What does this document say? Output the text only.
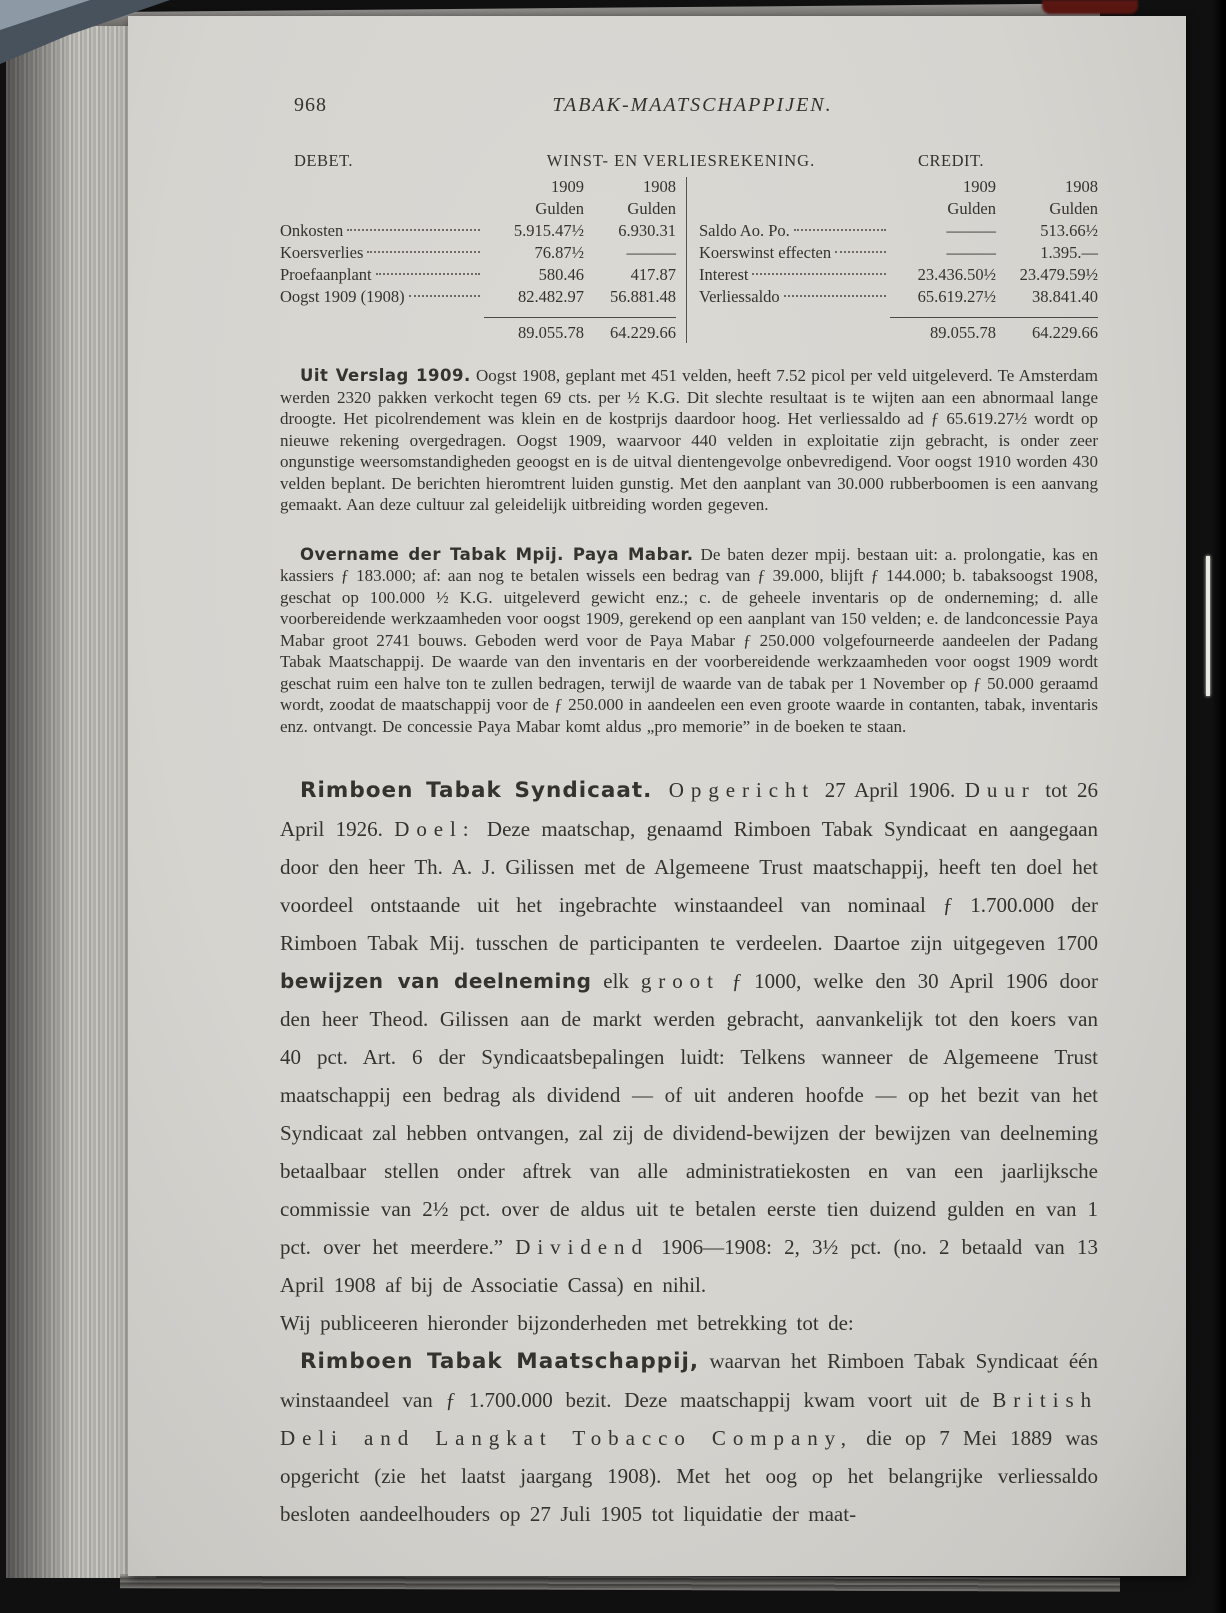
968	TABAK-MAATSCHAPPIJEN.
DEBET.	WINST- EN VERLIESREKENING.	CREDIT.
1909	1908
Gulden	Gulden
Onkosten	5.915.47½	6.930.31
Koersverlies	76.87½	———
Proefaanplant	580.46	417.87
Oogst 1909 (1908)	82.482.97	56.881.48
89.055.78	64.229.66
1909	1908
Gulden	Gulden
Saldo Ao. Po.	———	513.66½
Koerswinst effecten	———	1.395.—
Interest	23.436.50½	23.479.59½
Verliessaldo	65.619.27½	38.841.40
89.055.78	64.229.66
Uit Verslag 1909. Oogst 1908, geplant met 451 velden, heeft 7.52 picol per veld uitgeleverd. Te Amsterdam werden 2320 pakken verkocht tegen 69 cts. per ½ K.G. Dit slechte resultaat is te wijten aan een abnormaal lange droogte. Het picolrendement was klein en de kostprijs daardoor hoog. Het verliessaldo ad ƒ 65.619.27½ wordt op nieuwe rekening overgedragen. Oogst 1909, waarvoor 440 velden in exploitatie zijn gebracht, is onder zeer ongunstige weersomstandigheden geoogst en is de uitval dientengevolge onbevredigend. Voor oogst 1910 worden 430 velden beplant. De berichten hieromtrent luiden gunstig. Met den aanplant van 30.000 rubberboomen is een aanvang gemaakt. Aan deze cultuur zal geleidelijk uitbreiding worden gegeven.
Overname der Tabak Mpij. Paya Mabar. De baten dezer mpij. bestaan uit: a. prolongatie, kas en kassiers ƒ 183.000; af: aan nog te betalen wissels een bedrag van ƒ 39.000, blijft ƒ 144.000; b. tabaksoogst 1908, geschat op 100.000 ½ K.G. uitgeleverd gewicht enz.; c. de geheele inventaris op de onderneming; d. alle voorbereidende werkzaamheden voor oogst 1909, gerekend op een aanplant van 150 velden; e. de landconcessie Paya Mabar groot 2741 bouws. Geboden werd voor de Paya Mabar ƒ 250.000 volgefourneerde aandeelen der Padang Tabak Maatschappij. De waarde van den inventaris en der voorbereidende werkzaamheden voor oogst 1909 wordt geschat ruim een halve ton te zullen bedragen, terwijl de waarde van de tabak per 1 November op ƒ 50.000 geraamd wordt, zoodat de maatschappij voor de ƒ 250.000 in aandeelen een even groote waarde in contanten, tabak, inventaris enz. ontvangt. De concessie Paya Mabar komt aldus „pro memorie” in de boeken te staan.
Rimboen Tabak Syndicaat. Opgericht 27 April 1906. Duur tot 26 April 1926. Doel: Deze maatschap, genaamd Rimboen Tabak Syndicaat en aangegaan door den heer Th. A. J. Gilissen met de Algemeene Trust maatschappij, heeft ten doel het voordeel ontstaande uit het ingebrachte winstaandeel van nominaal ƒ 1.700.000 der Rimboen Tabak Mij. tusschen de participanten te verdeelen. Daartoe zijn uitgegeven 1700 bewijzen van deelneming elk groot ƒ 1000, welke den 30 April 1906 door den heer Theod. Gilissen aan de markt werden gebracht, aanvankelijk tot den koers van 40 pct. Art. 6 der Syndicaatsbepalingen luidt: Telkens wanneer de Algemeene Trust maatschappij een bedrag als dividend — of uit anderen hoofde — op het bezit van het Syndicaat zal hebben ontvangen, zal zij de dividend-bewijzen der bewijzen van deelneming betaalbaar stellen onder aftrek van alle administratiekosten en van een jaarlijksche commissie van 2½ pct. over de aldus uit te betalen eerste tien duizend gulden en van 1 pct. over het meerdere.” Dividend 1906—1908: 2, 3½ pct. (no. 2 betaald van 13 April 1908 af bij de Associatie Cassa) en nihil.
Wij publiceeren hieronder bijzonderheden met betrekking tot de:
Rimboen Tabak Maatschappij, waarvan het Rimboen Tabak Syndicaat één winstaandeel van ƒ 1.700.000 bezit. Deze maatschappij kwam voort uit de British Deli and Langkat Tobacco Company, die op 7 Mei 1889 was opgericht (zie het laatst jaargang 1908). Met het oog op het belangrijke verliessaldo besloten aandeelhouders op 27 Juli 1905 tot liquidatie der maat-
